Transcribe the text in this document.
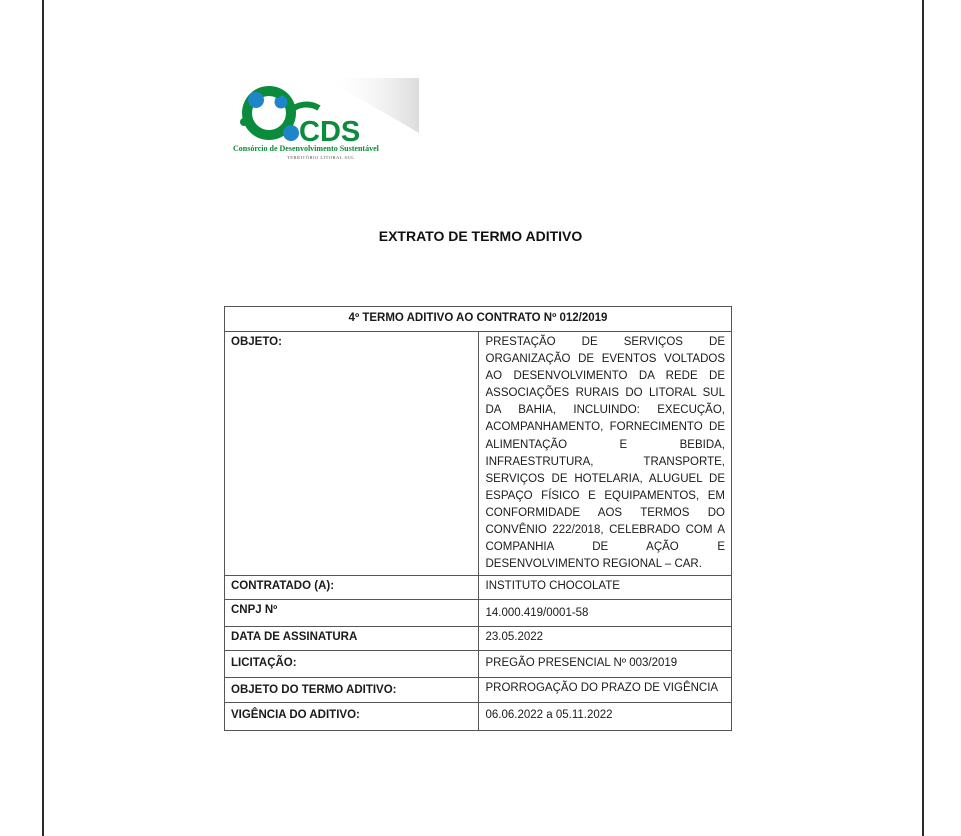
CDS
Consórcio de Desenvolvimento Sustentável
TERRITÓRIO LITORAL SUL
EXTRATO DE TERMO ADITIVO
4º TERMO ADITIVO AO CONTRATO Nº 012/2019	
OBJETO:	PRESTAÇÃO DE SERVIÇOS DE ORGANIZAÇÃO DE EVENTOS VOLTADOS AO DESENVOLVIMENTO DA REDE DE ASSOCIAÇÕES RURAIS DO LITORAL SUL DA BAHIA, INCLUINDO: EXECUÇÃO, ACOMPANHAMENTO, FORNECIMENTO DE ALIMENTAÇÃO E BEBIDA, INFRAESTRUTURA, TRANSPORTE, SERVIÇOS DE HOTELARIA, ALUGUEL DE ESPAÇO FÍSICO E EQUIPAMENTOS, EM CONFORMIDADE AOS TERMOS DO CONVÊNIO 222/2018, CELEBRADO COM A COMPANHIA DE AÇÃO E DESENVOLVIMENTO REGIONAL – CAR.
CONTRATADO (A):	INSTITUTO CHOCOLATE
CNPJ Nº	14.000.419/0001-58
DATA DE ASSINATURA	23.05.2022
LICITAÇÃO:	PREGÃO PRESENCIAL Nº 003/2019
OBJETO DO TERMO ADITIVO:	PRORROGAÇÃO DO PRAZO DE VIGÊNCIA
VIGÊNCIA DO ADITIVO:	06.06.2022 a 05.11.2022
